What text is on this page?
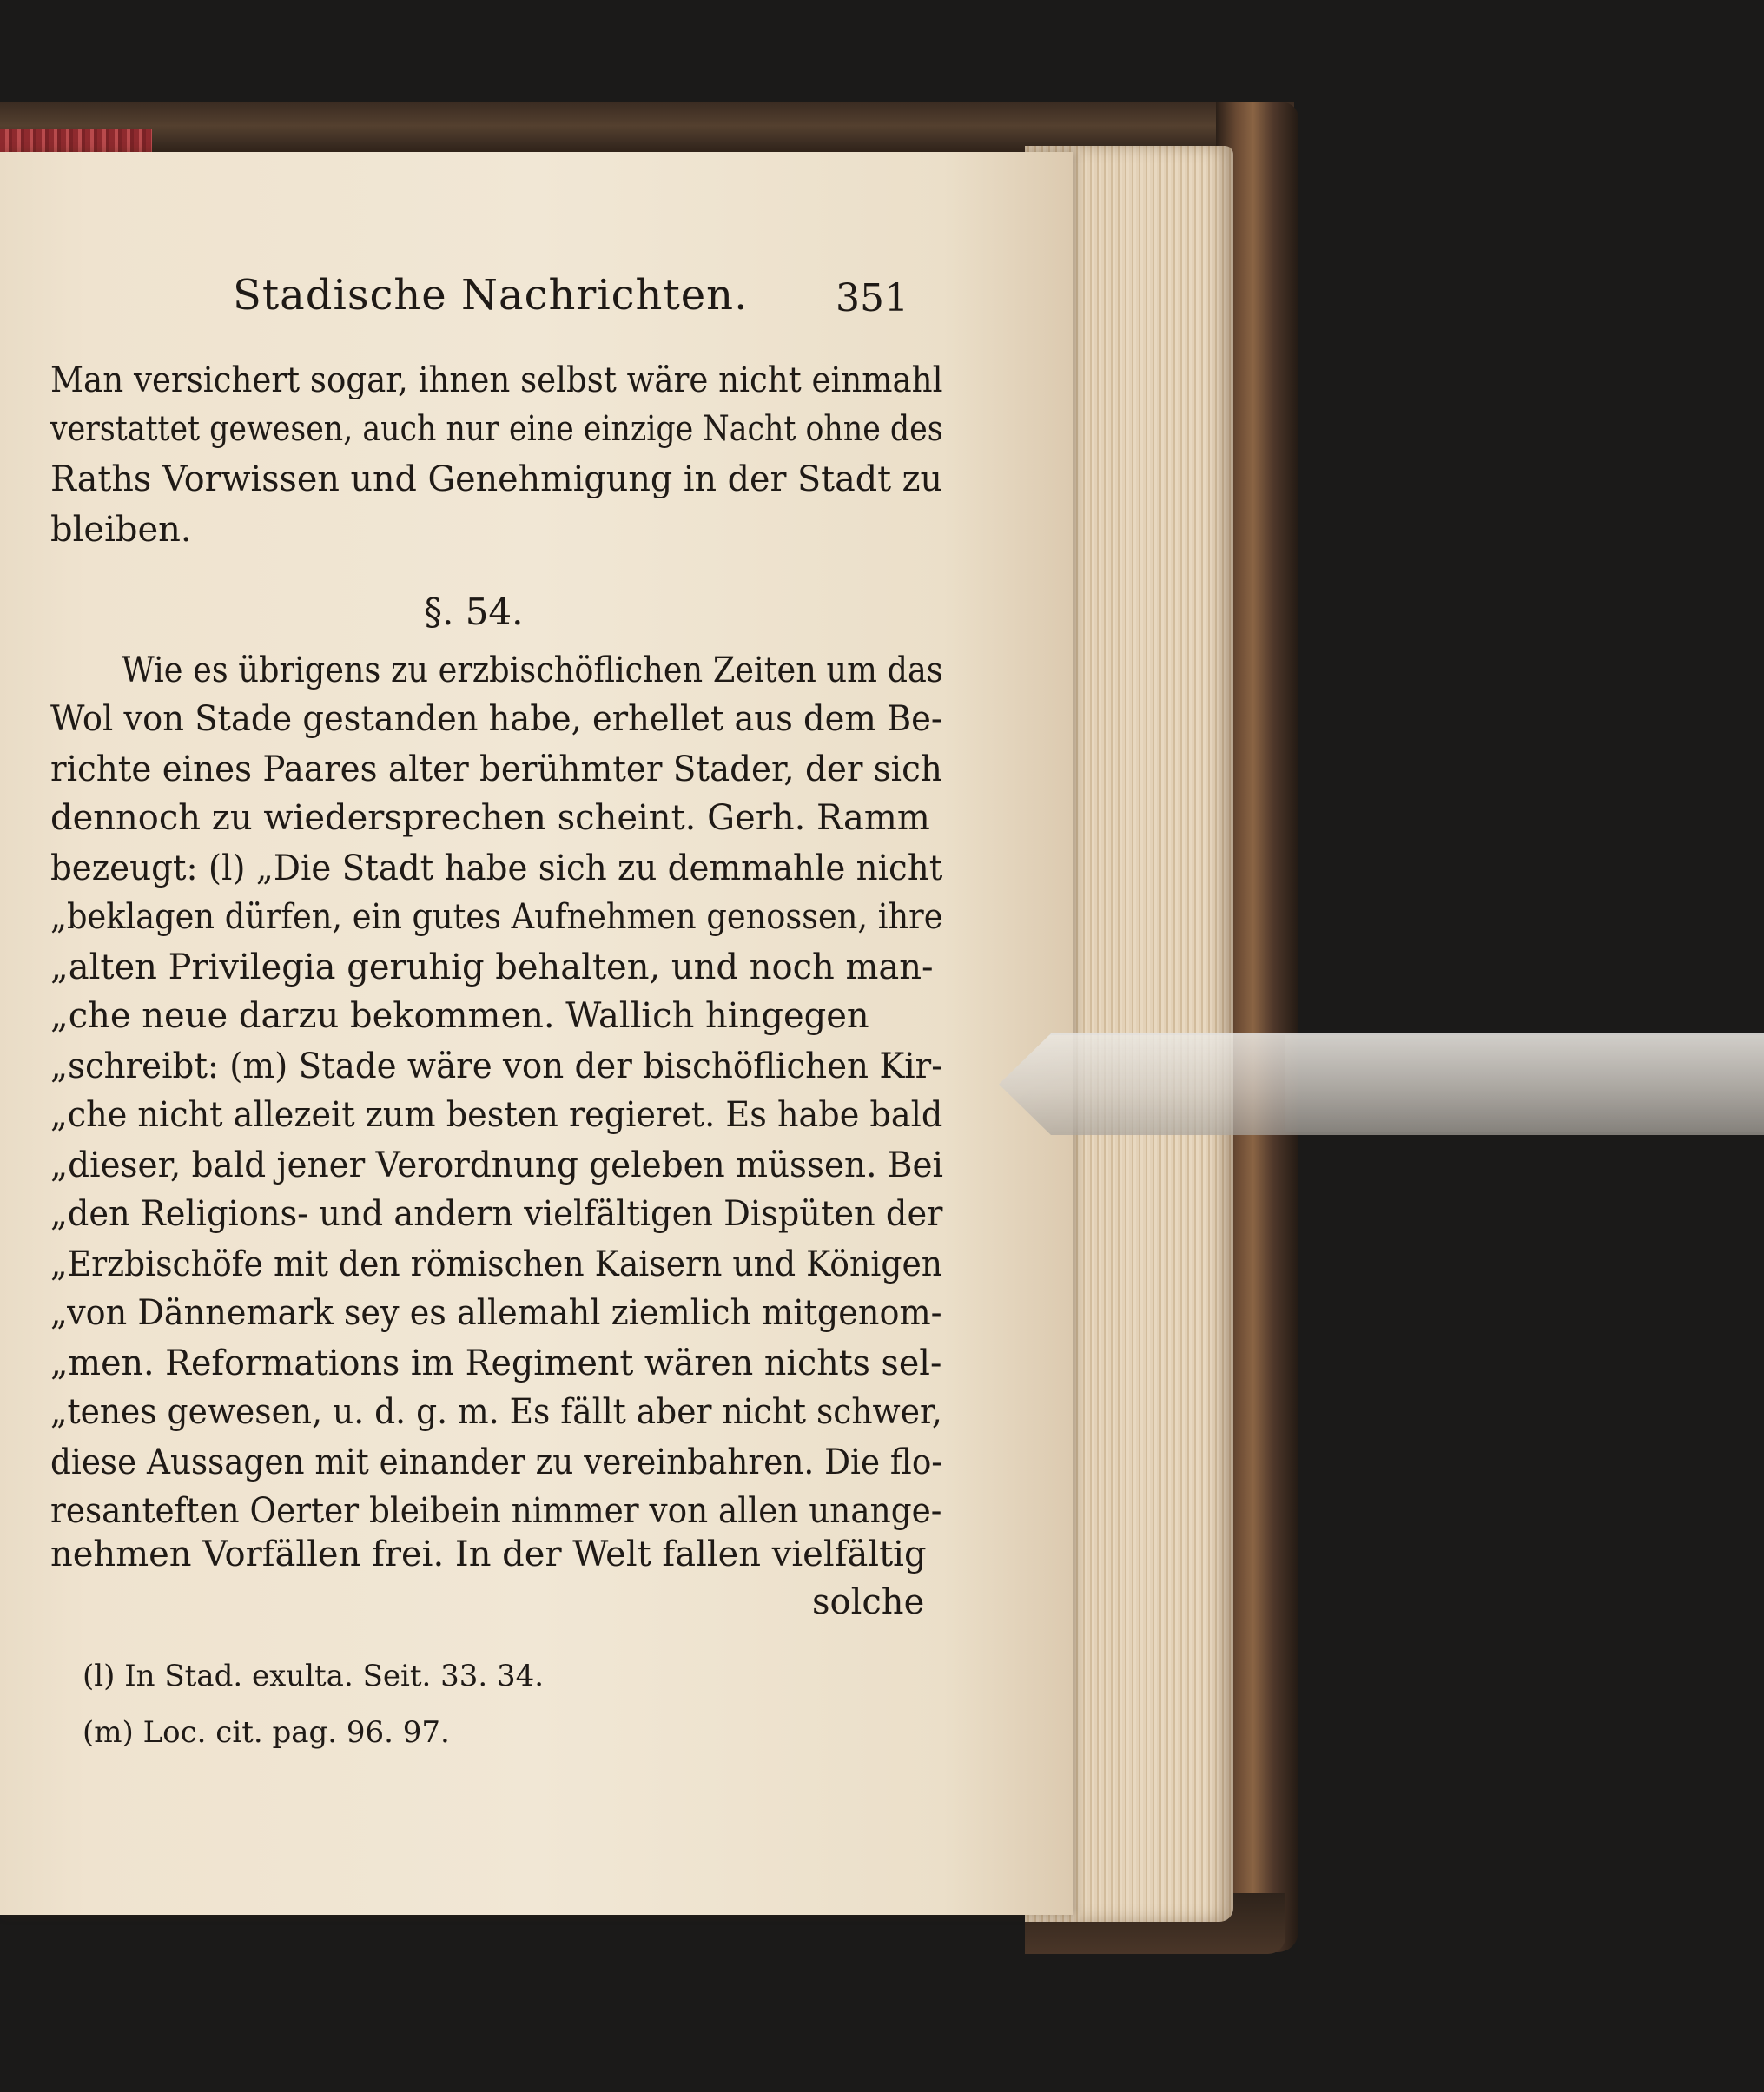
Stadische Nachrichten. 351
Man versichert sogar, ihnen selbst wäre nicht einmahl
verstattet gewesen, auch nur eine einzige Nacht ohne des
Raths Vorwissen und Genehmigung in der Stadt zu
bleiben.
§. 54.
Wie es übrigens zu erzbischöflichen Zeiten um das
Wol von Stade gestanden habe, erhellet aus dem Be-
richte eines Paares alter berühmter Stader, der sich
dennoch zu wiedersprechen scheint. Gerh. Ramm
bezeugt: (l) „Die Stadt habe sich zu demmahle nicht
„beklagen dürfen, ein gutes Aufnehmen genossen, ihre
„alten Privilegia geruhig behalten, und noch man-
„che neue darzu bekommen. Wallich hingegen
„schreibt: (m) Stade wäre von der bischöflichen Kir-
„che nicht allezeit zum besten regieret. Es habe bald
„dieser, bald jener Verordnung geleben müssen. Bei
„den Religions- und andern vielfältigen Dispüten der
„Erzbischöfe mit den römischen Kaisern und Königen
„von Dännemark sey es allemahl ziemlich mitgenom-
„men. Reformations im Regiment wären nichts sel-
„tenes gewesen, u. d. g. m. Es fällt aber nicht schwer,
diese Aussagen mit einander zu vereinbahren. Die flo-
resanteften Oerter bleibein nimmer von allen unange-
nehmen Vorfällen frei. In der Welt fallen vielfältig
solche
(l) In Stad. exulta. Seit. 33. 34.
(m) Loc. cit. pag. 96. 97.
